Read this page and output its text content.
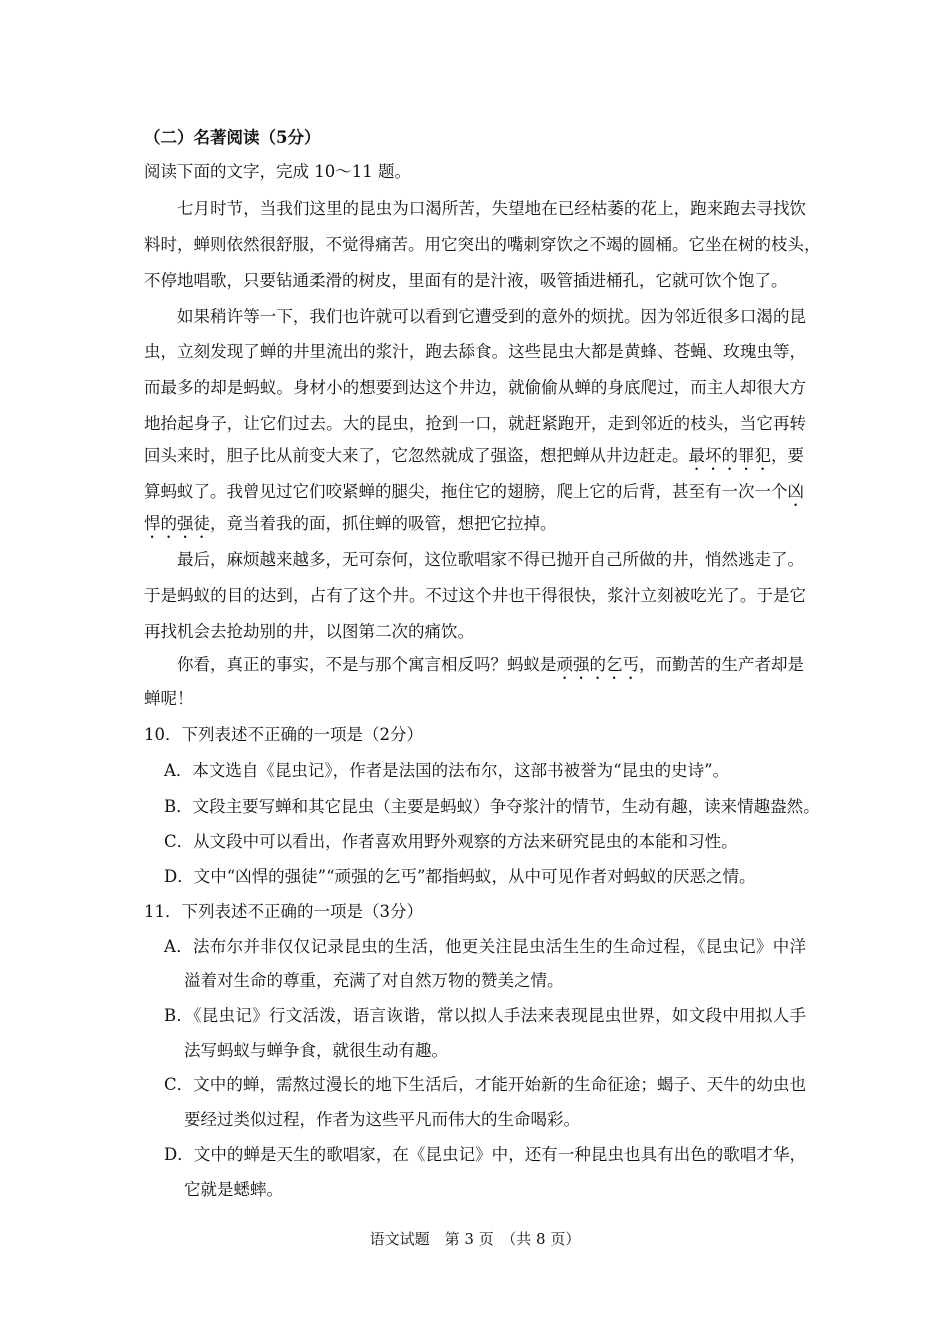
（二）名著阅读（5分）
阅读下面的文字，完成 10～11 题。
七月时节，当我们这里的昆虫为口渴所苦，失望地在已经枯萎的花上，跑来跑去寻找饮
料时，蝉则依然很舒服，不觉得痛苦。用它突出的嘴刺穿饮之不竭的圆桶。它坐在树的枝头，
不停地唱歌，只要钻通柔滑的树皮，里面有的是汁液，吸管插进桶孔，它就可饮个饱了。
如果稍许等一下，我们也许就可以看到它遭受到的意外的烦扰。因为邻近很多口渴的昆
虫，立刻发现了蝉的井里流出的浆汁，跑去舔食。这些昆虫大都是黄蜂、苍蝇、玫瑰虫等，
而最多的却是蚂蚁。身材小的想要到达这个井边，就偷偷从蝉的身底爬过，而主人却很大方
地抬起身子，让它们过去。大的昆虫，抢到一口，就赶紧跑开，走到邻近的枝头，当它再转
回头来时，胆子比从前变大来了，它忽然就成了强盗，想把蝉从井边赶走。最坏的罪犯，要
算蚂蚁了。我曾见过它们咬紧蝉的腿尖，拖住它的翅膀，爬上它的后背，甚至有一次一个凶
悍的强徒，竟当着我的面，抓住蝉的吸管，想把它拉掉。
最后，麻烦越来越多，无可奈何，这位歌唱家不得已抛开自己所做的井，悄然逃走了。
于是蚂蚁的目的达到，占有了这个井。不过这个井也干得很快，浆汁立刻被吃光了。于是它
再找机会去抢劫别的井，以图第二次的痛饮。
你看，真正的事实，不是与那个寓言相反吗？蚂蚁是顽强的乞丐，而勤苦的生产者却是
蝉呢！
10．下列表述不正确的一项是（2分）
A．本文选自《昆虫记》，作者是法国的法布尔，这部书被誉为“昆虫的史诗”。
B．文段主要写蝉和其它昆虫（主要是蚂蚁）争夺浆汁的情节，生动有趣，读来情趣盎然。
C．从文段中可以看出，作者喜欢用野外观察的方法来研究昆虫的本能和习性。
D．文中“凶悍的强徒”“顽强的乞丐”都指蚂蚁，从中可见作者对蚂蚁的厌恶之情。
11．下列表述不正确的一项是（3分）
A．法布尔并非仅仅记录昆虫的生活，他更关注昆虫活生生的生命过程，《昆虫记》中洋
溢着对生命的尊重，充满了对自然万物的赞美之情。
B．《昆虫记》行文活泼，语言诙谐，常以拟人手法来表现昆虫世界，如文段中用拟人手
法写蚂蚁与蝉争食，就很生动有趣。
C．文中的蝉，需熬过漫长的地下生活后，才能开始新的生命征途；蝎子、天牛的幼虫也
要经过类似过程，作者为这些平凡而伟大的生命喝彩。
D．文中的蝉是天生的歌唱家，在《昆虫记》中，还有一种昆虫也具有出色的歌唱才华，
它就是蟋蟀。
语文试题　第 3 页　（共 8 页）
